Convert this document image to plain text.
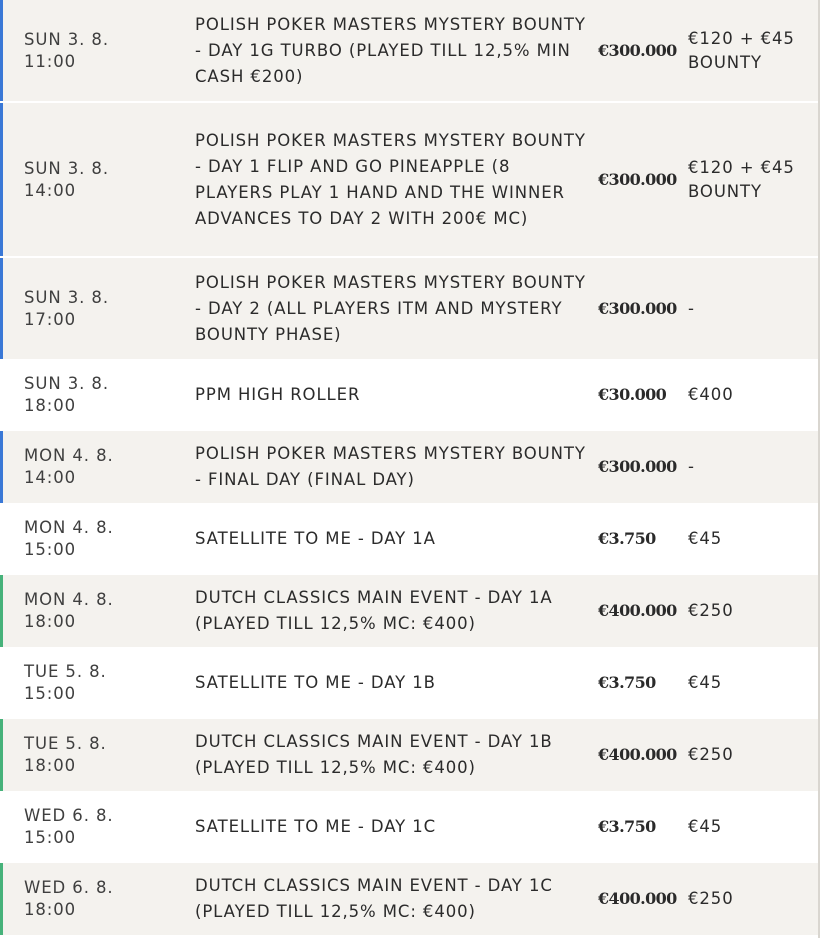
SUN 3. 8.
11:00
POLISH POKER MASTERS MYSTERY BOUNTY - DAY 1G TURBO (PLAYED TILL 12,5% MIN CASH €200)
€300.000
€120 + €45 BOUNTY
SUN 3. 8.
14:00
POLISH POKER MASTERS MYSTERY BOUNTY - DAY 1 FLIP AND GO PINEAPPLE (8 PLAYERS PLAY 1 HAND AND THE WINNER ADVANCES TO DAY 2 WITH 200€ MC)
€300.000
€120 + €45 BOUNTY
SUN 3. 8.
17:00
POLISH POKER MASTERS MYSTERY BOUNTY - DAY 2 (ALL PLAYERS ITM AND MYSTERY BOUNTY PHASE)
€300.000 -
SUN 3. 8.
18:00
PPM HIGH ROLLER	€30.000	€400
MON 4. 8.
14:00
POLISH POKER MASTERS MYSTERY BOUNTY - FINAL DAY (FINAL DAY)
€300.000 -
MON 4. 8.
15:00
SATELLITE TO ME - DAY 1A	€3.750	€45
MON 4. 8.
18:00
DUTCH CLASSICS MAIN EVENT - DAY 1A (PLAYED TILL 12,5% MC: €400)
€400.000 €250
TUE 5. 8.
15:00
SATELLITE TO ME - DAY 1B	€3.750	€45
TUE 5. 8.
18:00
DUTCH CLASSICS MAIN EVENT - DAY 1B (PLAYED TILL 12,5% MC: €400)
€400.000 €250
WED 6. 8.
15:00
SATELLITE TO ME - DAY 1C	€3.750	€45
WED 6. 8.
18:00
DUTCH CLASSICS MAIN EVENT - DAY 1C (PLAYED TILL 12,5% MC: €400)
€400.000 €250
